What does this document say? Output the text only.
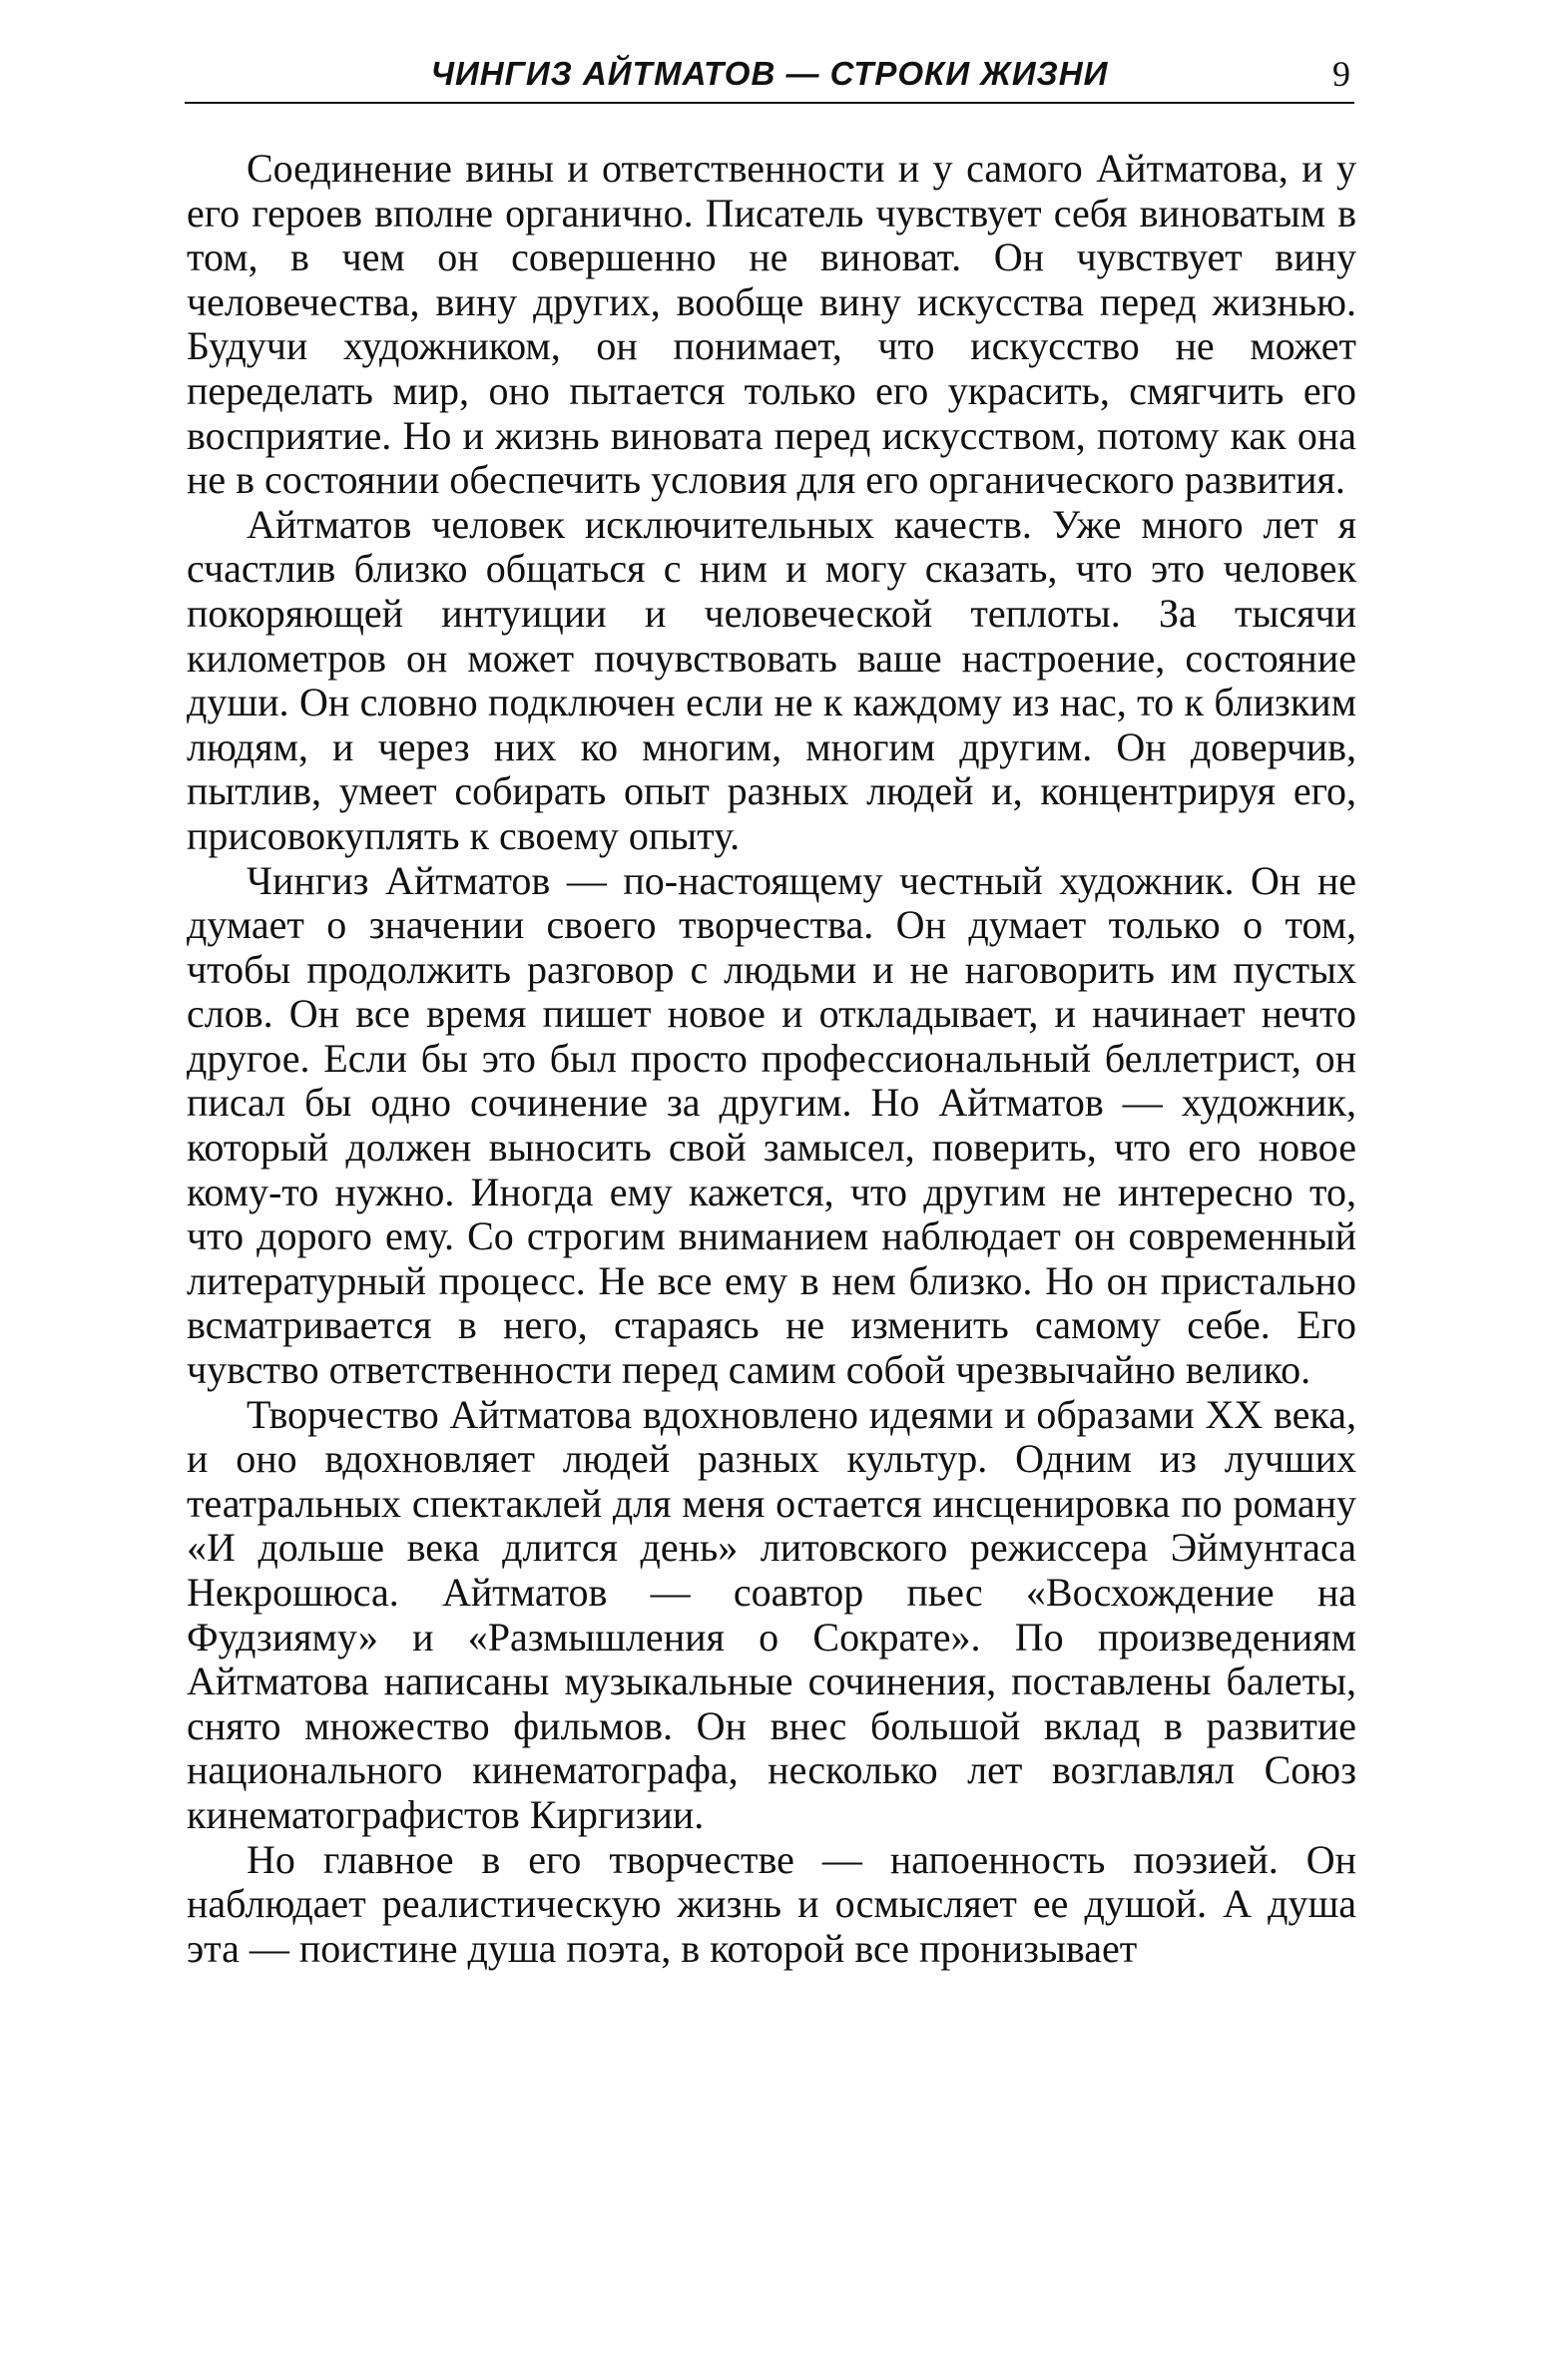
ЧИНГИЗ АЙТМАТОВ — СТРОКИ ЖИЗНИ	9

Соединение вины и ответственности и у самого Айтматова, и у его героев вполне органично. Писатель чувствует себя виноватым в том, в чем он совершенно не виноват. Он чувствует вину человечества, вину других, вообще вину искусства перед жизнью. Будучи художником, он понимает, что искусство не может переделать мир, оно пытается только его украсить, смягчить его восприятие. Но и жизнь виновата перед искусством, потому как она не в состоянии обеспечить условия для его органического развития.

Айтматов человек исключительных качеств. Уже много лет я счастлив близко общаться с ним и могу сказать, что это человек покоряющей интуиции и человеческой теплоты. За тысячи километров он может почувствовать ваше настроение, состояние души. Он словно подключен если не к каждому из нас, то к близким людям, и через них ко многим, многим другим. Он доверчив, пытлив, умеет собирать опыт разных людей и, концентрируя его, присовокуплять к своему опыту.

Чингиз Айтматов — по-настоящему честный художник. Он не думает о значении своего творчества. Он думает только о том, чтобы продолжить разговор с людьми и не наговорить им пустых слов. Он все время пишет новое и откладывает, и начинает нечто другое. Если бы это был просто профессиональный беллетрист, он писал бы одно сочинение за другим. Но Айтматов — художник, который должен выносить свой замысел, поверить, что его новое кому-то нужно. Иногда ему кажется, что другим не интересно то, что дорого ему. Со строгим вниманием наблюдает он современный литературный процесс. Не все ему в нем близко. Но он пристально всматривается в него, стараясь не изменить самому себе. Его чувство ответственности перед самим собой чрезвычайно велико.

Творчество Айтматова вдохновлено идеями и образами XX века, и оно вдохновляет людей разных культур. Одним из лучших театральных спектаклей для меня остается инсценировка по роману «И дольше века длится день» литовского режиссера Эймунтаса Некрошюса. Айтматов — соавтор пьес «Восхождение на Фудзияму» и «Размышления о Сократе». По произведениям Айтматова написаны музыкальные сочинения, поставлены балеты, снято множество фильмов. Он внес большой вклад в развитие национального кинематографа, несколько лет возглавлял Союз кинематографистов Киргизии.

Но главное в его творчестве — напоенность поэзией. Он наблюдает реалистическую жизнь и осмысляет ее душой. А душа эта — поистине душа поэта, в которой все пронизывает
